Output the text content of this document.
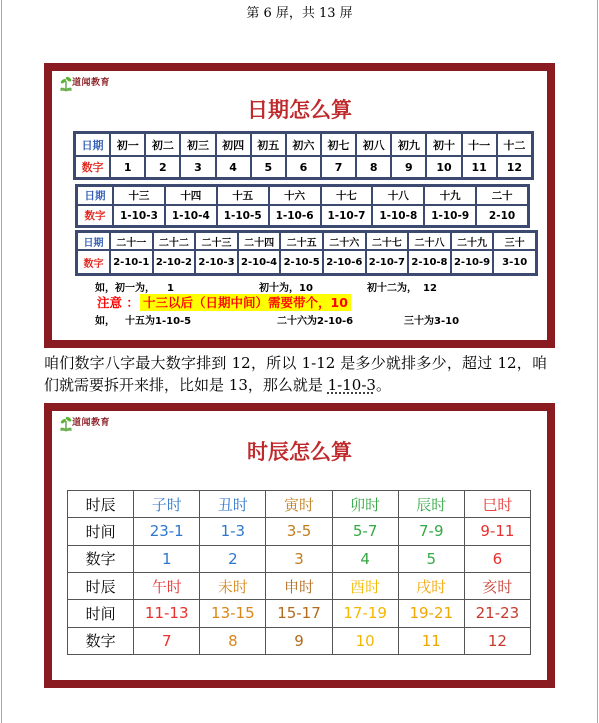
第 6 屏，共 13 屏
道闻教育
日期怎么算
日期	初一	初二	初三	初四	初五	初六	初七	初八	初九	初十	十一	十二
数字	1	2	3	4	5	6	7	8	9	10	11	12
日期	十三	十四	十五	十六	十七	十八	十九	二十
数字	1-10-3	1-10-4	1-10-5	1-10-6	1-10-7	1-10-8	1-10-9	2-10
日期	二十一	二十二	二十三	二十四	二十五	二十六	二十七	二十八	二十九	三十
数字	2-10-1	2-10-2	2-10-3	2-10-4	2-10-5	2-10-6	2-10-7	2-10-8	2-10-9	3-10
如，初一为， 1	初十为，10	初十二为， 12
注意 ： 十三以后（日期中间）需要带个，10
如， 十五为1-10-5	二十六为2-10-6	三十为3-10

咱们数字八字最大数字排到 12，所以 1-12 是多少就排多少，超过 12，咱们就需要拆开来排，比如是 13，那么就是 1-10-3。

道闻教育
时辰怎么算
时辰	子时	丑时	寅时	卯时	辰时	巳时
时间	23-1	1-3	3-5	5-7	7-9	9-11
数字	1	2	3	4	5	6
时辰	午时	未时	申时	酉时	戌时	亥时
时间	11-13	13-15	15-17	17-19	19-21	21-23
数字	7	8	9	10	11	12
